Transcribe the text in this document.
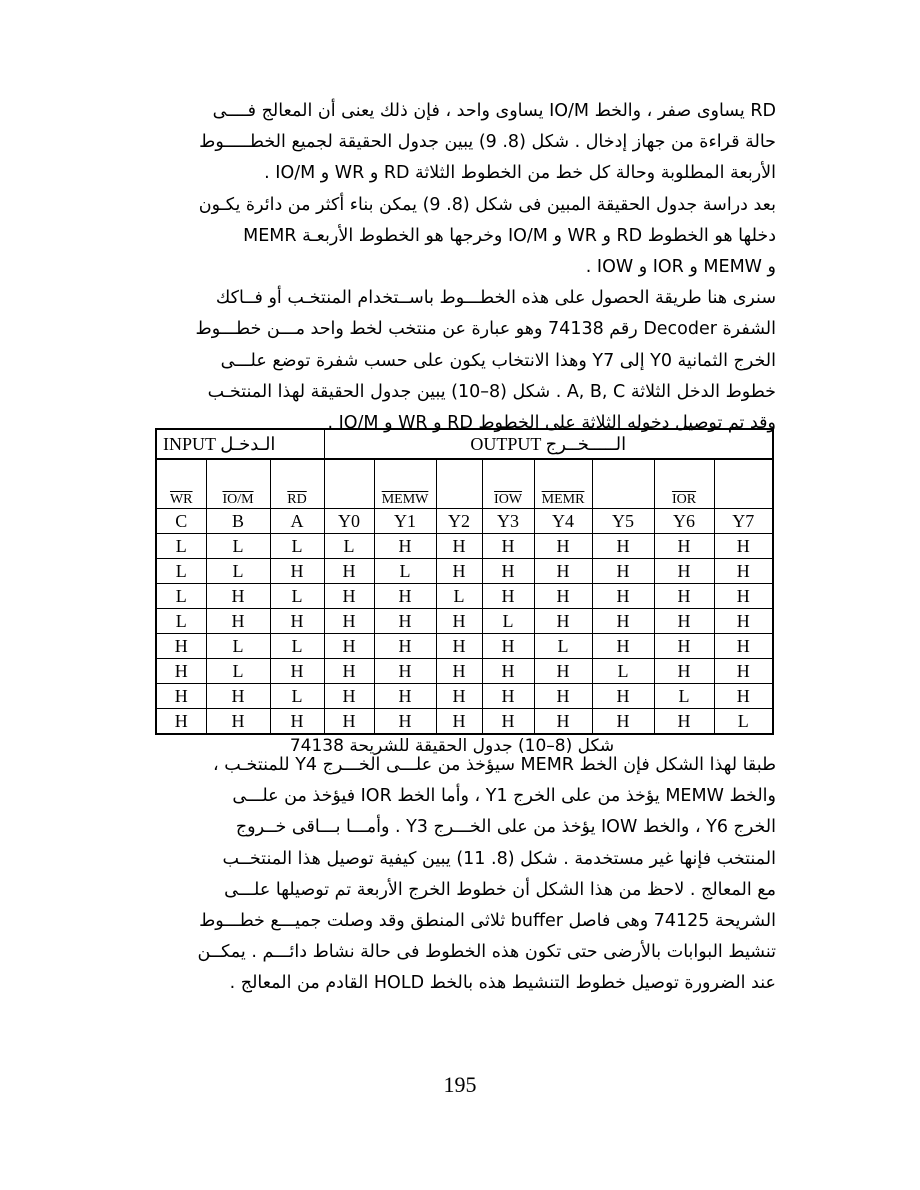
RD يساوى صفر ، والخط IO/M يساوى واحد ، فإن ذلك يعنى أن المعالج فــــى
حالة قراءة من جهاز إدخال . شكل (8. 9) يبين جدول الحقيقة لجميع الخطـــــوط
الأربعة المطلوبة وحالة كل خط من الخطوط الثلاثة RD و WR و IO/M .
بعد دراسة جدول الحقيقة المبين فى شكل (8. 9) يمكن بناء أكثر من دائرة يكـون
دخلها هو الخطوط RD و WR و IO/M وخرجها هو الخطوط الأربعـة MEMR
و MEMW و IOR و IOW .
سنرى هنا طريقة الحصول على هذه الخطـــوط باســتخدام المنتخـب أو فــاكك
الشفرة Decoder رقم 74138 وهو عبارة عن منتخب لخط واحد مـــن خطـــوط
الخرج الثمانية Y0 إلى Y7 وهذا الانتخاب يكون على حسب شفرة توضع علـــى
خطوط الدخل الثلاثة A, B, C . شكل (8–10) يبين جدول الحقيقة لهذا المنتخـب
وقد تم توصيل دخوله الثلاثة على الخطوط RD و WR و IO/M .
INPUT الـدخـل			OUTPUT الـــــخــرج							
$\overline{WR}$	IO/M	$\overline{RD}$		MEMW		$\overline{IOW}$	MEMR		$\overline{IOR}$	
C	B	A	Y0	Y1	Y2	Y3	Y4	Y5	Y6	Y7
L	L	L	L	H	H	H	H	H	H	H
L	L	H	H	L	H	H	H	H	H	H
L	H	L	H	H	L	H	H	H	H	H
L	H	H	H	H	H	L	H	H	H	H
H	L	L	H	H	H	H	L	H	H	H
H	L	H	H	H	H	H	H	L	H	H
H	H	L	H	H	H	H	H	H	L	H
H	H	H	H	H	H	H	H	H	H	L
شكل (8–10) جدول الحقيقة للشريحة 74138
طبقا لهذا الشكل فإن الخط MEMR سيؤخذ من علـــى الخـــرج Y4 للمنتخـب ،
والخط MEMW يؤخذ من على الخرج Y1 ، وأما الخط IOR فيؤخذ من علـــى
الخرج Y6 ، والخط IOW يؤخذ من على الخـــرج Y3 . وأمـــا بـــاقى خــروج
المنتخب فإنها غير مستخدمة . شكل (8. 11) يبين كيفية توصيل هذا المنتخــب
مع المعالج . لاحظ من هذا الشكل أن خطوط الخرج الأربعة تم توصيلها علـــى
الشريحة 74125 وهى فاصل buffer ثلاثى المنطق وقد وصلت جميـــع خطـــوط
تنشيط البوابات بالأرضى حتى تكون هذه الخطوط فى حالة نشاط دائـــم . يمكــن
عند الضرورة توصيل خطوط التنشيط هذه بالخط HOLD القادم من المعالج .
195
